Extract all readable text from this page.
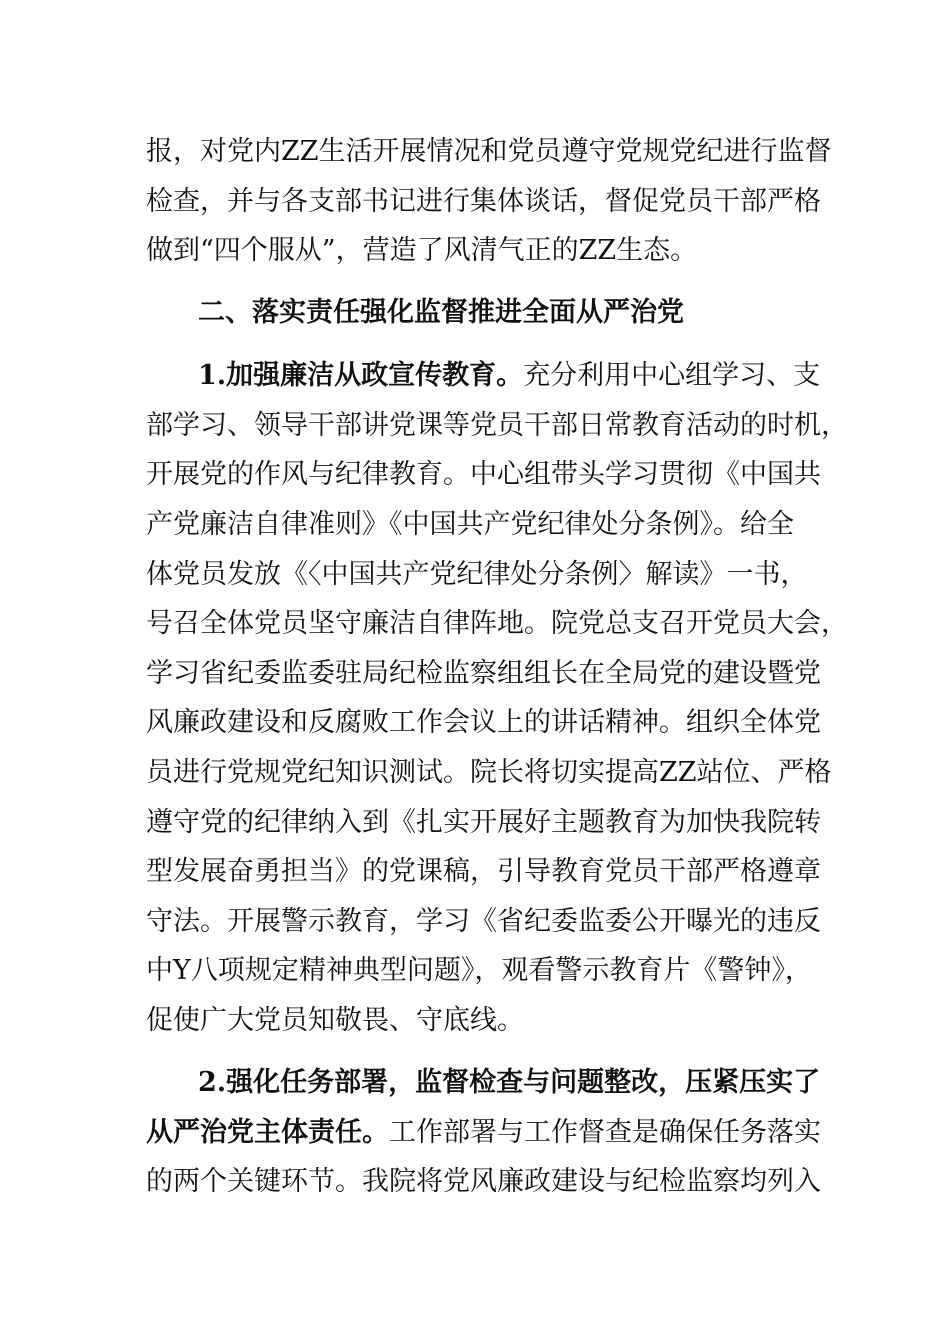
报，对党内ZZ生活开展情况和党员遵守党规党纪进行监督
检查，并与各支部书记进行集体谈话，督促党员干部严格
做到“四个服从”，营造了风清气正的ZZ生态。
二、落实责任强化监督推进全面从严治党
1.加强廉洁从政宣传教育。充分利用中心组学习、支
部学习、领导干部讲党课等党员干部日常教育活动的时机，
开展党的作风与纪律教育。中心组带头学习贯彻《中国共
产党廉洁自律准则》《中国共产党纪律处分条例》。给全
体党员发放《〈中国共产党纪律处分条例〉解读》一书，
号召全体党员坚守廉洁自律阵地。院党总支召开党员大会，
学习省纪委监委驻局纪检监察组组长在全局党的建设暨党
风廉政建设和反腐败工作会议上的讲话精神。组织全体党
员进行党规党纪知识测试。院长将切实提高ZZ站位、严格
遵守党的纪律纳入到《扎实开展好主题教育为加快我院转
型发展奋勇担当》的党课稿，引导教育党员干部严格遵章
守法。开展警示教育，学习《省纪委监委公开曝光的违反
中Y八项规定精神典型问题》，观看警示教育片《警钟》，
促使广大党员知敬畏、守底线。
2.强化任务部署，监督检查与问题整改，压紧压实了
从严治党主体责任。工作部署与工作督查是确保任务落实
的两个关键环节。我院将党风廉政建设与纪检监察均列入
